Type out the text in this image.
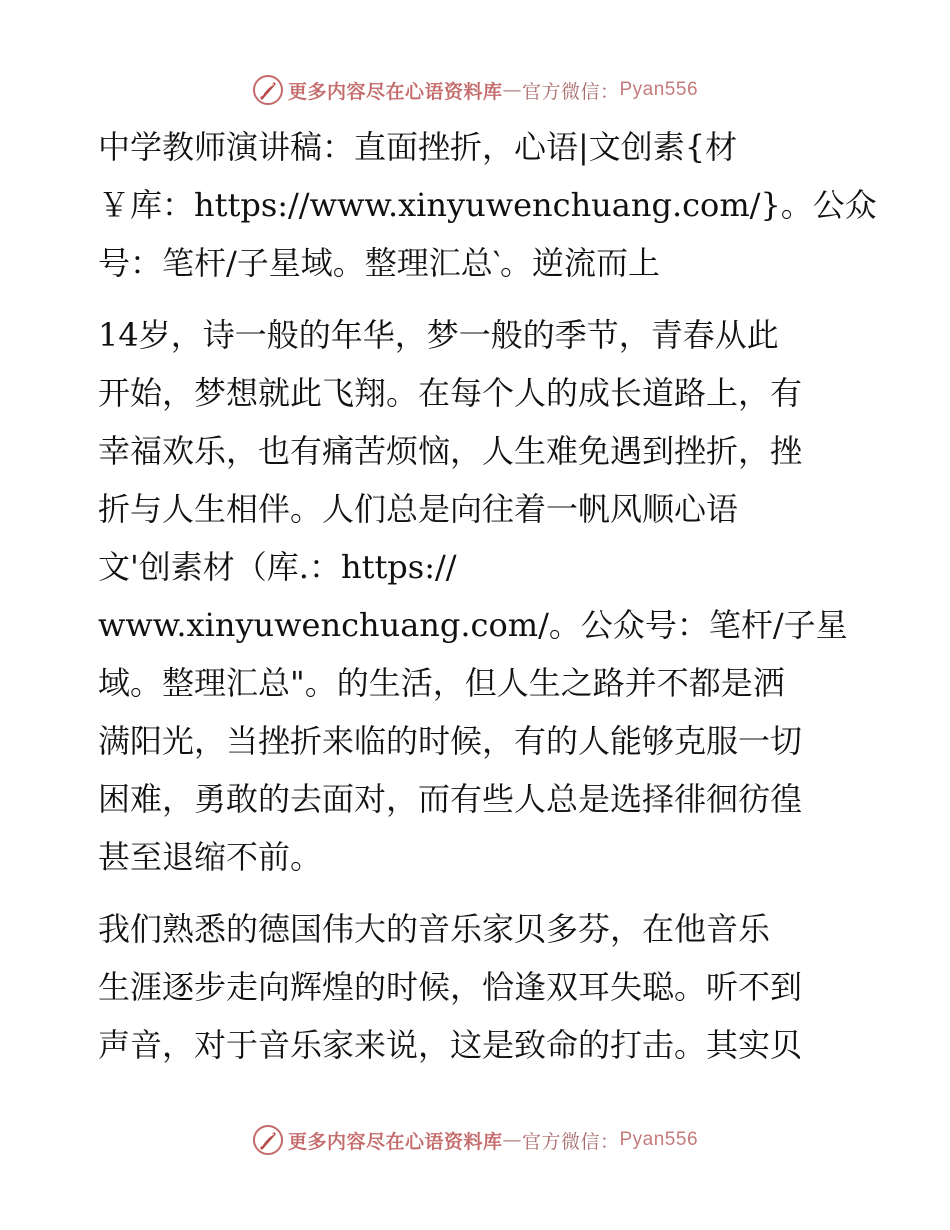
更多内容尽在心语资料库 — 官方微信： Pyan556
中学教师演讲稿：直面挫折，心语|文创素{材
￥库：https://www.xinyuwenchuang.com/}。公众
号：笔杆/子星域。整理汇总‵。逆流而上
14岁，诗一般的年华，梦一般的季节，青春从此
开始，梦想就此飞翔。在每个人的成长道路上，有
幸福欢乐，也有痛苦烦恼，人生难免遇到挫折，挫
折与人生相伴。人们总是向往着一帆风顺心语
文'创素材（库.：https://
www.xinyuwenchuang.com/。公众号：笔杆/子星
域。整理汇总"。的生活，但人生之路并不都是洒
满阳光，当挫折来临的时候，有的人能够克服一切
困难，勇敢的去面对，而有些人总是选择徘徊彷徨
甚至退缩不前。
我们熟悉的德国伟大的音乐家贝多芬，在他音乐
生涯逐步走向辉煌的时候，恰逢双耳失聪。听不到
声音，对于音乐家来说，这是致命的打击。其实贝
更多内容尽在心语资料库 — 官方微信： Pyan556
